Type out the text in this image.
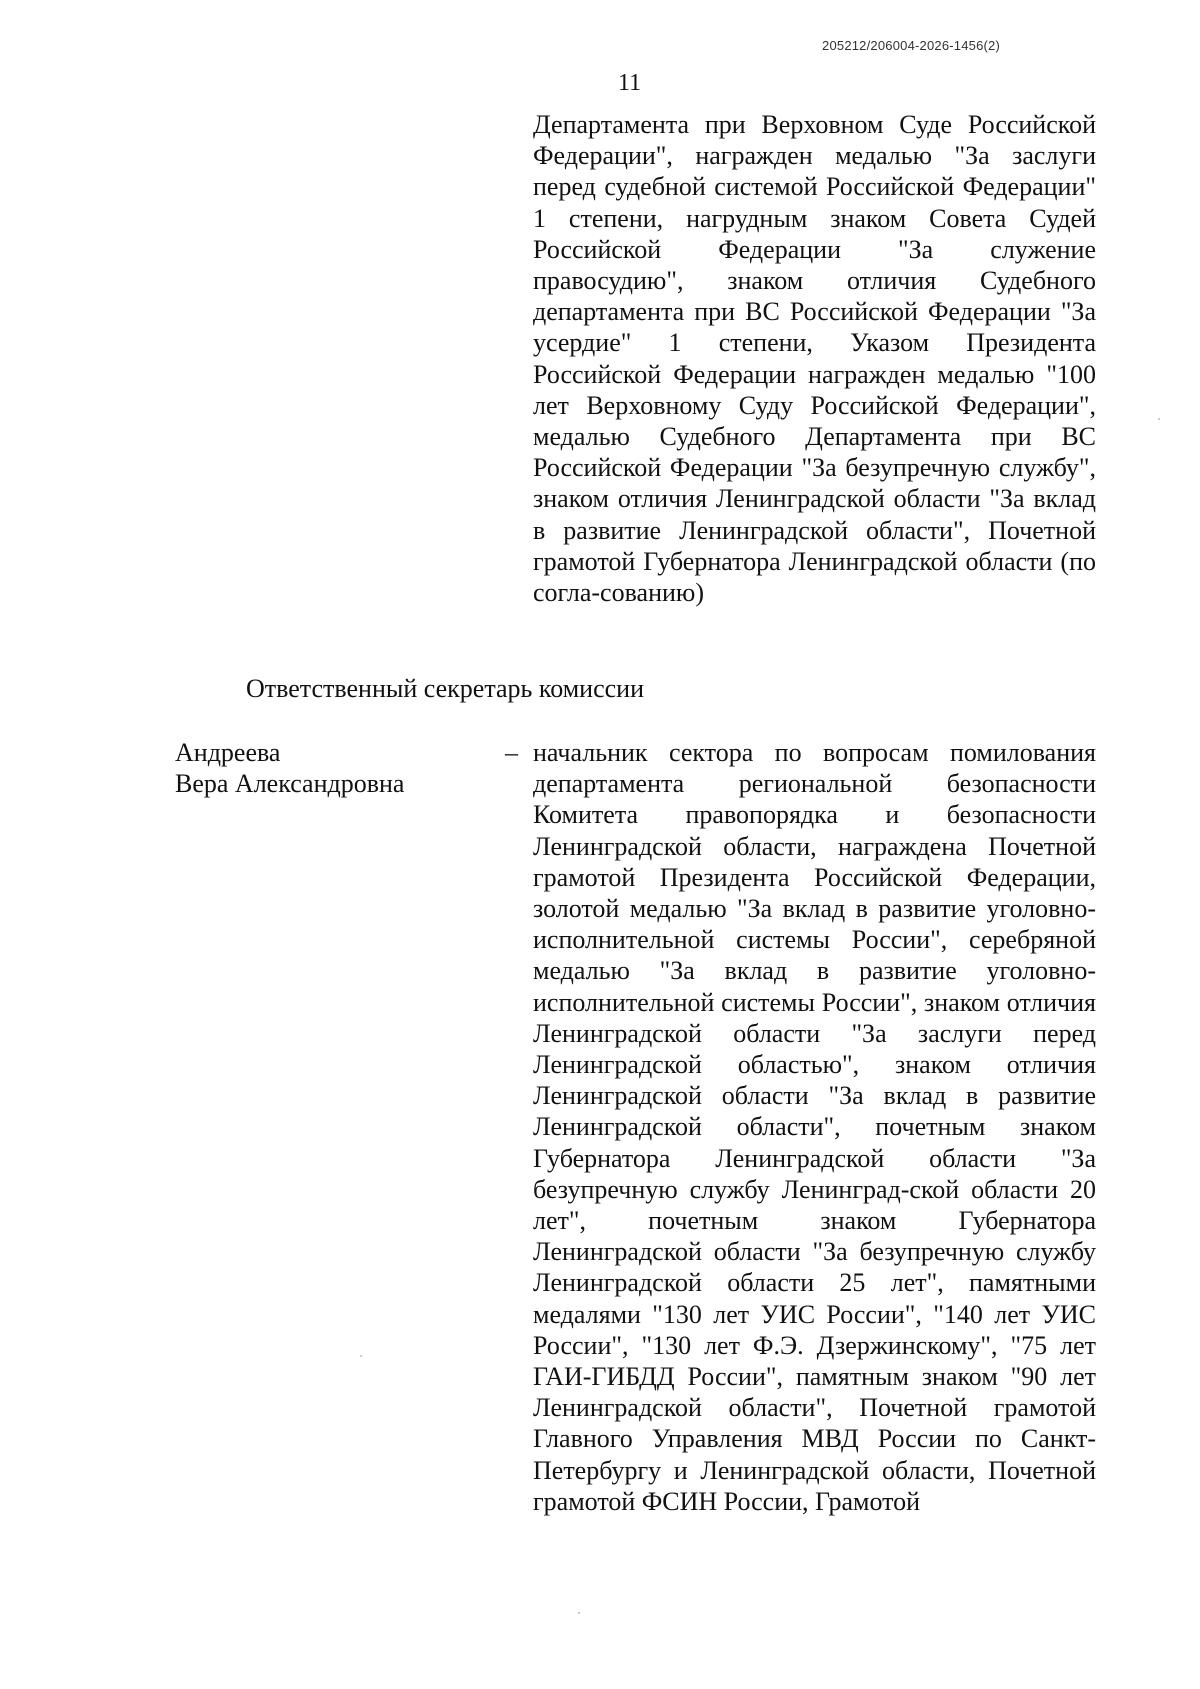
205212/206004-2026-1456(2)
11

Департамента при Верховном Суде Российской Федерации", награжден медалью "За заслуги перед судебной системой Российской Федерации" 1 степени, нагрудным знаком Совета Судей Российской Федерации "За служение правосудию", знаком отличия Судебного департамента при ВС Российской Федерации "За усердие" 1 степени, Указом Президента Российской Федерации награжден медалью "100 лет Верховному Суду Российской Федерации", медалью Судебного Департамента при ВС Российской Федерации "За безупречную службу", знаком отличия Ленинградской области "За вклад в развитие Ленинградской области", Почетной грамотой Губернатора Ленинградской области (по согла-сованию)

Ответственный секретарь комиссии
Андреева
Вера Александровна
– начальник сектора по вопросам помилования департамента региональной безопасности Комитета правопорядка и безопасности Ленинградской области, награждена Почетной грамотой Президента Российской Федерации, золотой медалью "За вклад в развитие уголовно-исполнительной системы России", серебряной медалью "За вклад в развитие уголовно-исполнительной системы России", знаком отличия Ленинградской области "За заслуги перед Ленинградской областью", знаком отличия Ленинградской области "За вклад в развитие Ленинградской области", почетным знаком Губернатора Ленинградской области "За безупречную службу Ленинград-ской области 20 лет", почетным знаком Губернатора Ленинградской области "За безупречную службу Ленинградской области 25 лет", памятными медалями "130 лет УИС России", "140 лет УИС России", "130 лет Ф.Э. Дзержинскому", "75 лет ГАИ-ГИБДД России", памятным знаком "90 лет Ленинградской области", Почетной грамотой Главного Управления МВД России по Санкт-Петербургу и Ленинградской области, Почетной грамотой ФСИН России, Грамотой
